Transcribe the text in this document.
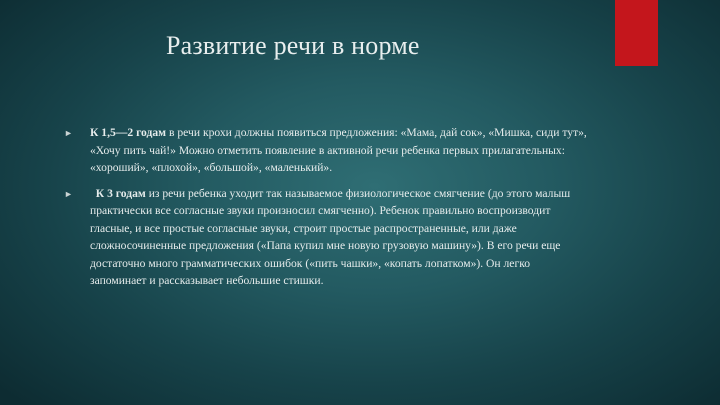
Развитие речи в норме
► К 1,5—2 годам в речи крохи должны появиться предложения: «Мама, дай сок», «Мишка, сиди тут», «Хочу пить чай!» Можно отметить появление в активной речи ребенка первых прилагательных: «хороший», «плохой», «большой», «маленький».
► К 3 годам из речи ребенка уходит так называемое физиологическое смягчение (до этого малыш практически все согласные звуки произносил смягченно). Ребенок правильно воспроизводит гласные, и все простые согласные звуки, строит простые распространенные, или даже сложносочиненные предложения («Папа купил мне новую грузовую машину»). В его речи еще достаточно много грамматических ошибок («пить чашки», «копать лопатком»). Он легко запоминает и рассказывает небольшие стишки.
